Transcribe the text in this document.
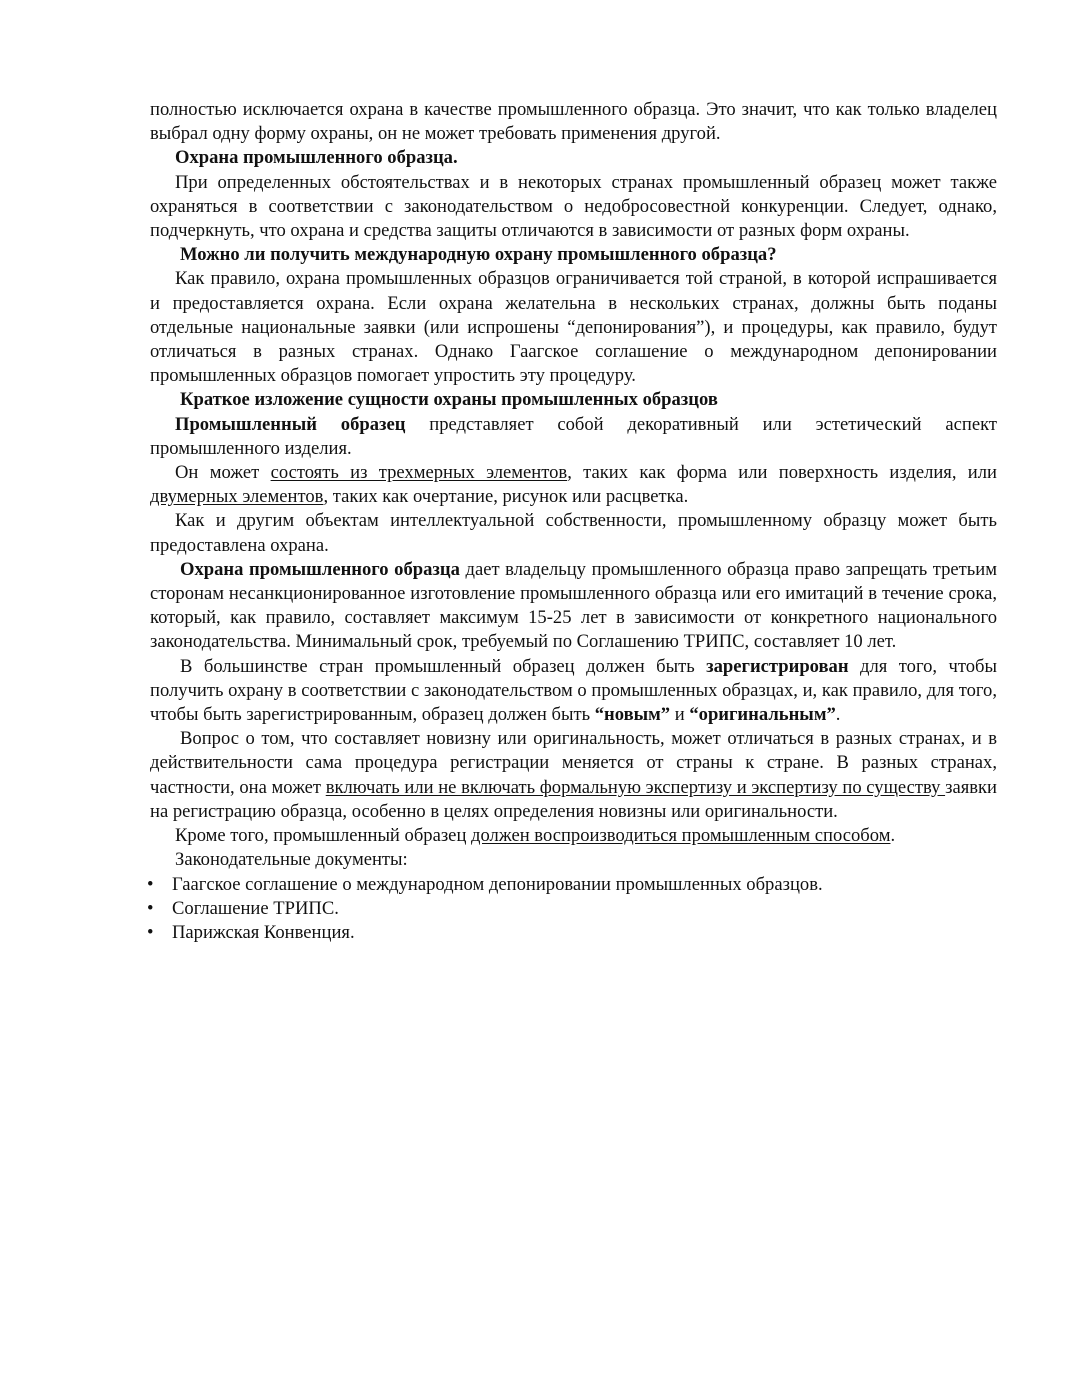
полностью исключается охрана в качестве промышленного образца. Это значит, что как только владелец выбрал одну форму охраны, он не может требовать применения другой.

Охрана промышленного образца.

При определенных обстоятельствах и в некоторых странах промышленный образец может также охраняться в соответствии с законодательством о недобросовестной конкуренции. Следует, однако, подчеркнуть, что охрана и средства защиты отличаются в зависимости от разных форм охраны.

Можно ли получить международную охрану промышленного образца?

Как правило, охрана промышленных образцов ограничивается той страной, в которой испрашивается и предоставляется охрана. Если охрана желательна в нескольких странах, должны быть поданы отдельные национальные заявки (или испрошены “депонирования”), и процедуры, как правило, будут отличаться в разных странах. Однако Гаагское соглашение о международном депонировании промышленных образцов помогает упростить эту процедуру.

Краткое изложение сущности охраны промышленных образцов

Промышленный образец представляет собой декоративный или эстетический аспект промышленного изделия.

Он может состоять из трехмерных элементов, таких как форма или поверхность изделия, или двумерных элементов, таких как очертание, рисунок или расцветка.

Как и другим объектам интеллектуальной собственности, промышленному образцу может быть предоставлена охрана.

Охрана промышленного образца дает владельцу промышленного образца право запрещать третьим сторонам несанкционированное изготовление промышленного образца или его имитаций в течение срока, который, как правило, составляет максимум 15-25 лет в зависимости от конкретного национального законодательства. Минимальный срок, требуемый по Соглашению ТРИПС, составляет 10 лет.

В большинстве стран промышленный образец должен быть зарегистрирован для того, чтобы получить охрану в соответствии с законодательством о промышленных образцах, и, как правило, для того, чтобы быть зарегистрированным, образец должен быть “новым” и “оригинальным”.

Вопрос о том, что составляет новизну или оригинальность, может отличаться в разных странах, и в действительности сама процедура регистрации меняется от страны к стране. В разных странах, частности, она может включать или не включать формальную экспертизу и экспертизу по существу заявки на регистрацию образца, особенно в целях определения новизны или оригинальности.

Кроме того, промышленный образец должен воспроизводиться промышленным способом.

Законодательные документы:

• Гаагское соглашение о международном депонировании промышленных образцов.
• Соглашение ТРИПС.
• Парижская Конвенция.
